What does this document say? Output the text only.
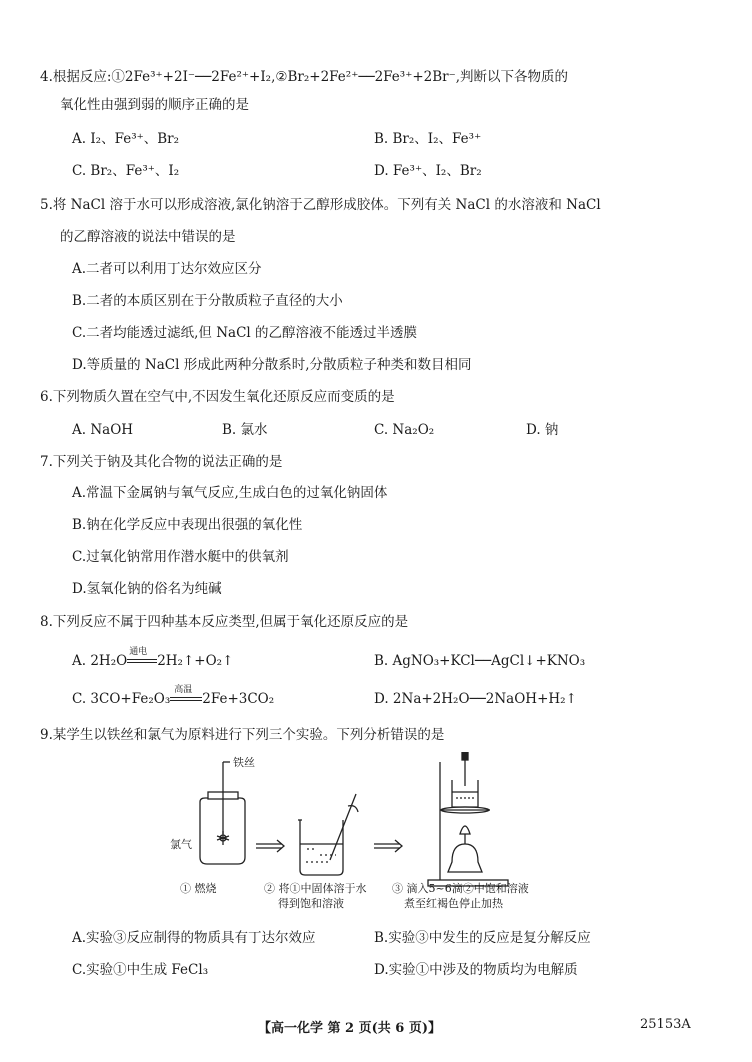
4.根据反应:①2Fe³⁺+2I⁻──2Fe²⁺+I₂,②Br₂+2Fe²⁺──2Fe³⁺+2Br⁻,判断以下各物质的
氧化性由强到弱的顺序正确的是
A. I₂、Fe³⁺、Br₂	B. Br₂、I₂、Fe³⁺
C. Br₂、Fe³⁺、I₂	D. Fe³⁺、I₂、Br₂
5.将 NaCl 溶于水可以形成溶液,氯化钠溶于乙醇形成胶体。下列有关 NaCl 的水溶液和 NaCl
的乙醇溶液的说法中错误的是
A.二者可以利用丁达尔效应区分
B.二者的本质区别在于分散质粒子直径的大小
C.二者均能透过滤纸,但 NaCl 的乙醇溶液不能透过半透膜
D.等质量的 NaCl 形成此两种分散系时,分散质粒子种类和数目相同
6.下列物质久置在空气中,不因发生氧化还原反应而变质的是
A. NaOH	B. 氯水	C. Na₂O₂	D. 钠
7.下列关于钠及其化合物的说法正确的是
A.常温下金属钠与氧气反应,生成白色的过氧化钠固体
B.钠在化学反应中表现出很强的氧化性
C.过氧化钠常用作潜水艇中的供氧剂
D.氢氧化钠的俗名为纯碱
8.下列反应不属于四种基本反应类型,但属于氧化还原反应的是
A. 2H₂O
通电
2H₂↑+O₂↑	B. AgNO₃+KCl──AgCl↓+KNO₃
C. 3CO+Fe₂O₃
高温
2Fe+3CO₂	D. 2Na+2H₂O──2NaOH+H₂↑
9.某学生以铁丝和氯气为原料进行下列三个实验。下列分析错误的是
氯气
铁丝
① 燃烧	② 将①中固体溶于水
得到饱和溶液
③ 滴入5~6滴②中饱和溶液
煮至红褐色停止加热
A.实验③反应制得的物质具有丁达尔效应	B.实验③中发生的反应是复分解反应
C.实验①中生成 FeCl₃	D.实验①中涉及的物质均为电解质
【高一化学 第 2 页(共 6 页)】	25153A
